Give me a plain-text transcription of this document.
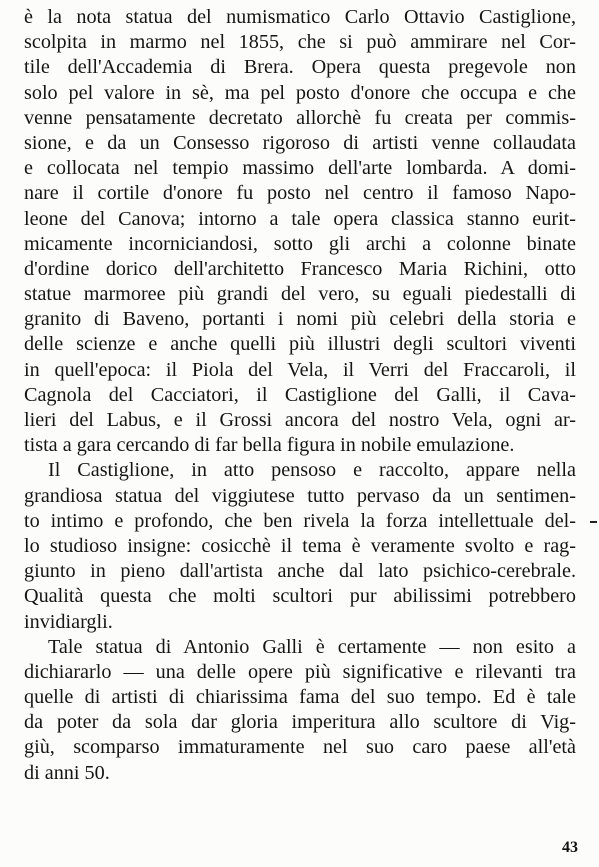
è la nota statua del numismatico Carlo Ottavio Castiglione,
scolpita in marmo nel 1855, che si può ammirare nel Cor-
tile dell'Accademia di Brera. Opera questa pregevole non
solo pel valore in sè, ma pel posto d'onore che occupa e che
venne pensatamente decretato allorchè fu creata per commis-
sione, e da un Consesso rigoroso di artisti venne collaudata
e collocata nel tempio massimo dell'arte lombarda. A domi-
nare il cortile d'onore fu posto nel centro il famoso Napo-
leone del Canova; intorno a tale opera classica stanno eurit-
micamente incorniciandosi, sotto gli archi a colonne binate
d'ordine dorico dell'architetto Francesco Maria Richini, otto
statue marmoree più grandi del vero, su eguali piedestalli di
granito di Baveno, portanti i nomi più celebri della storia e
delle scienze e anche quelli più illustri degli scultori viventi
in quell'epoca: il Piola del Vela, il Verri del Fraccaroli, il
Cagnola del Cacciatori, il Castiglione del Galli, il Cava-
lieri del Labus, e il Grossi ancora del nostro Vela, ogni ar-
tista a gara cercando di far bella figura in nobile emulazione.
Il Castiglione, in atto pensoso e raccolto, appare nella
grandiosa statua del viggiutese tutto pervaso da un sentimen-
to intimo e profondo, che ben rivela la forza intellettuale del-
lo studioso insigne: cosicchè il tema è veramente svolto e rag-
giunto in pieno dall'artista anche dal lato psichico-cerebrale.
Qualità questa che molti scultori pur abilissimi potrebbero
invidiargli.
Tale statua di Antonio Galli è certamente — non esito a
dichiararlo — una delle opere più significative e rilevanti tra
quelle di artisti di chiarissima fama del suo tempo. Ed è tale
da poter da sola dar gloria imperitura allo scultore di Vig-
giù, scomparso immaturamente nel suo caro paese all'età
di anni 50.
43
